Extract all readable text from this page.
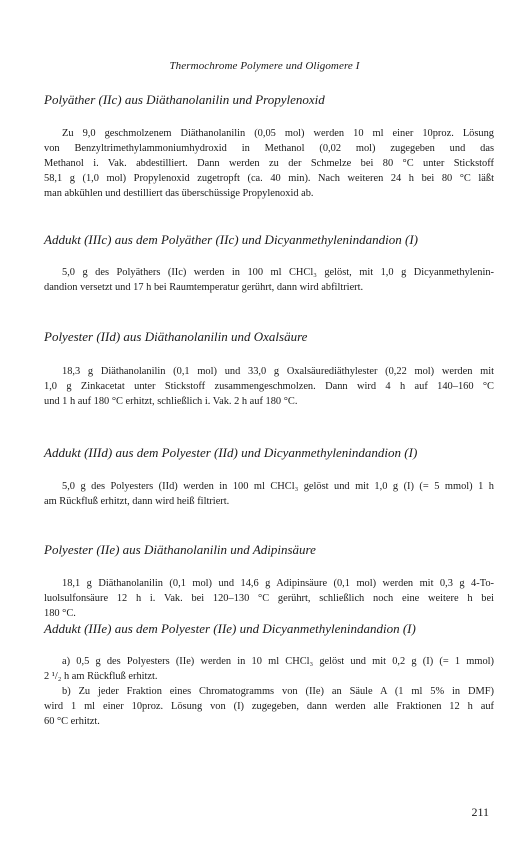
Thermochrome Polymere und Oligomere I
Polyäther (IIc) aus Diäthanolanilin und Propylenoxid
Zu 9,0 geschmolzenem Diäthanolanilin (0,05 mol) werden 10 ml einer 10proz. Lösung
von Benzyltrimethylammoniumhydroxid in Methanol (0,02 mol) zugegeben und das
Methanol i. Vak. abdestilliert. Dann werden zu der Schmelze bei 80 °C unter Stickstoff
58,1 g (1,0 mol) Propylenoxid zugetropft (ca. 40 min). Nach weiteren 24 h bei 80 °C läßt
man abkühlen und destilliert das überschüssige Propylenoxid ab.
Addukt (IIIc) aus dem Polyäther (IIc) und Dicyanmethylenindandion (I)
5,0 g des Polyäthers (IIc) werden in 100 ml CHCl₃ gelöst, mit 1,0 g Dicyanmethylenin-
dandion versetzt und 17 h bei Raumtemperatur gerührt, dann wird abfiltriert.
Polyester (IId) aus Diäthanolanilin und Oxalsäure
18,3 g Diäthanolanilin (0,1 mol) und 33,0 g Oxalsäurediäthylester (0,22 mol) werden mit
1,0 g Zinkacetat unter Stickstoff zusammengeschmolzen. Dann wird 4 h auf 140–160 °C
und 1 h auf 180 °C erhitzt, schließlich i. Vak. 2 h auf 180 °C.
Addukt (IIId) aus dem Polyester (IId) und Dicyanmethylenindandion (I)
5,0 g des Polyesters (IId) werden in 100 ml CHCl₃ gelöst und mit 1,0 g (I) (= 5 mmol) 1 h
am Rückfluß erhitzt, dann wird heiß filtriert.
Polyester (IIe) aus Diäthanolanilin und Adipinsäure
18,1 g Diäthanolanilin (0,1 mol) und 14,6 g Adipinsäure (0,1 mol) werden mit 0,3 g 4-To-
luolsulfonsäure 12 h i. Vak. bei 120–130 °C gerührt, schließlich noch eine weitere h bei
180 °C.
Addukt (IIIe) aus dem Polyester (IIe) und Dicyanmethylenindandion (I)
a) 0,5 g des Polyesters (IIe) werden in 10 ml CHCl₃ gelöst und mit 0,2 g (I) (= 1 mmol)
2 ¹/₂ h am Rückfluß erhitzt.
b) Zu jeder Fraktion eines Chromatogramms von (IIe) an Säule A (1 ml 5% in DMF)
wird 1 ml einer 10proz. Lösung von (I) zugegeben, dann werden alle Fraktionen 12 h auf
60 °C erhitzt.
211
